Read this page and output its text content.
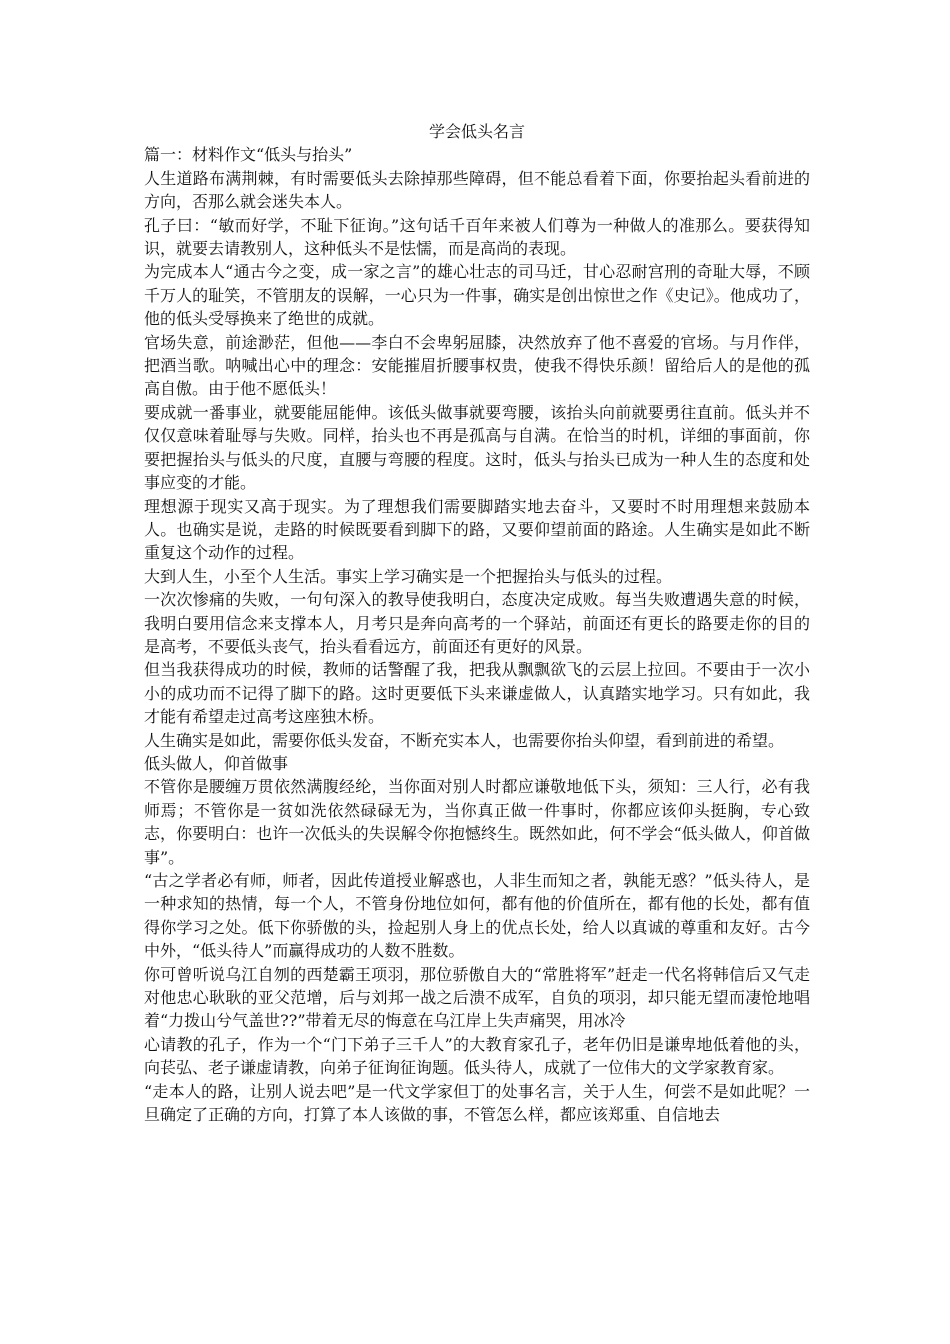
学会低头名言

篇一：材料作文“低头与抬头”

人生道路布满荆棘，有时需要低头去除掉那些障碍，但不能总看着下面，你要抬起头看前进的方向，否那么就会迷失本人。

孔子曰：“敏而好学，不耻下征询。”这句话千百年来被人们尊为一种做人的准那么。要获得知识，就要去请教别人，这种低头不是怯懦，而是高尚的表现。

为完成本人“通古今之变，成一家之言”的雄心壮志的司马迁，甘心忍耐宫刑的奇耻大辱，不顾千万人的耻笑，不管朋友的误解，一心只为一件事，确实是创出惊世之作《史记》。他成功了，他的低头受辱换来了绝世的成就。

官场失意，前途渺茫，但他——李白不会卑躬屈膝，决然放弃了他不喜爱的官场。与月作伴，把酒当歌。呐喊出心中的理念：安能摧眉折腰事权贵，使我不得快乐颜！留给后人的是他的孤高自傲。由于他不愿低头！

要成就一番事业，就要能屈能伸。该低头做事就要弯腰，该抬头向前就要勇往直前。低头并不仅仅意味着耻辱与失败。同样，抬头也不再是孤高与自满。在恰当的时机，详细的事面前，你要把握抬头与低头的尺度，直腰与弯腰的程度。这时，低头与抬头已成为一种人生的态度和处事应变的才能。

理想源于现实又高于现实。为了理想我们需要脚踏实地去奋斗，又要时不时用理想来鼓励本人。也确实是说，走路的时候既要看到脚下的路，又要仰望前面的路途。人生确实是如此不断重复这个动作的过程。

大到人生，小至个人生活。事实上学习确实是一个把握抬头与低头的过程。

一次次惨痛的失败，一句句深入的教导使我明白，态度决定成败。每当失败遭遇失意的时候，我明白要用信念来支撑本人，月考只是奔向高考的一个驿站，前面还有更长的路要走你的目的是高考，不要低头丧气，抬头看看远方，前面还有更好的风景。

但当我获得成功的时候，教师的话警醒了我，把我从飘飘欲飞的云层上拉回。不要由于一次小小的成功而不记得了脚下的路。这时更要低下头来谦虚做人，认真踏实地学习。只有如此，我才能有希望走过高考这座独木桥。

人生确实是如此，需要你低头发奋，不断充实本人，也需要你抬头仰望，看到前进的希望。

低头做人，仰首做事

不管你是腰缠万贯依然满腹经纶，当你面对别人时都应谦敬地低下头，须知：三人行，必有我师焉；不管你是一贫如洗依然碌碌无为，当你真正做一件事时，你都应该仰头挺胸，专心致志，你要明白：也许一次低头的失误解令你抱憾终生。既然如此，何不学会“低头做人，仰首做事”。

“古之学者必有师，师者，因此传道授业解惑也，人非生而知之者，孰能无惑？”低头待人，是一种求知的热情，每一个人，不管身份地位如何，都有他的价值所在，都有他的长处，都有值得你学习之处。低下你骄傲的头，捡起别人身上的优点长处，给人以真诚的尊重和友好。古今中外，“低头待人”而赢得成功的人数不胜数。

你可曾听说乌江自刎的西楚霸王项羽，那位骄傲自大的“常胜将军”赶走一代名将韩信后又气走对他忠心耿耿的亚父范增，后与刘邦一战之后溃不成军，自负的项羽，却只能无望而凄怆地唱着“力拨山兮气盖世??”带着无尽的悔意在乌江岸上失声痛哭，用冰冷

心请教的孔子，作为一个“门下弟子三千人”的大教育家孔子，老年仍旧是谦卑地低着他的头，向苌弘、老子谦虚请教，向弟子征询征询题。低头待人，成就了一位伟大的文学家教育家。

“走本人的路，让别人说去吧”是一代文学家但丁的处事名言，关于人生，何尝不是如此呢？一旦确定了正确的方向，打算了本人该做的事，不管怎么样，都应该郑重、自信地去
